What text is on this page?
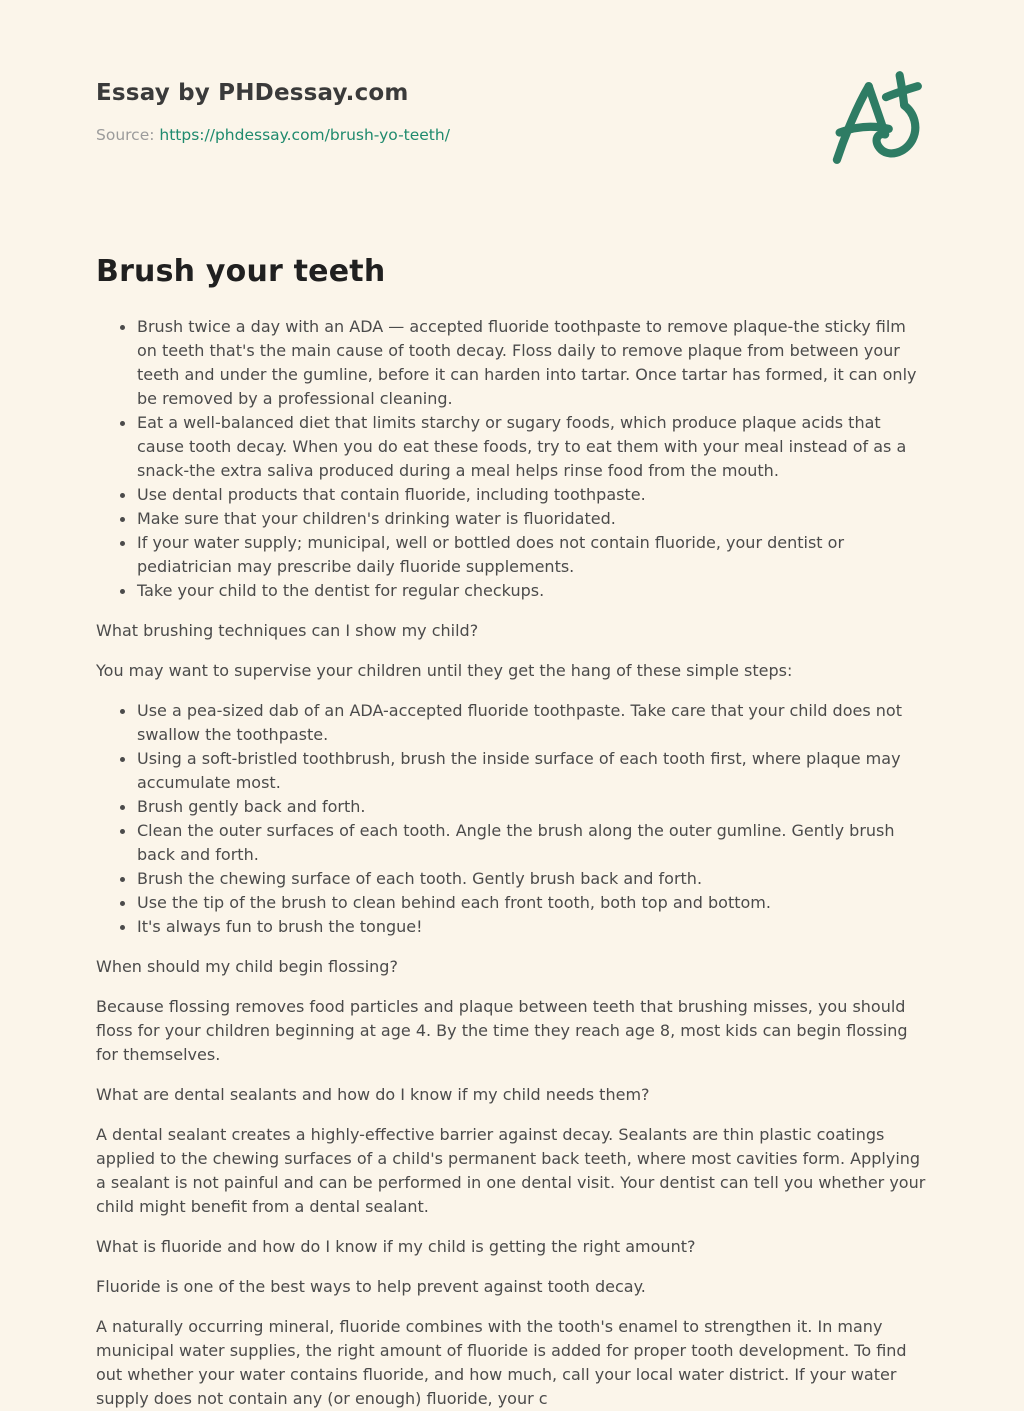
Essay by PHDessay.com
Source: https://phdessay.com/brush-yo-teeth/
Brush your teeth
Brush twice a day with an ADA — accepted fluoride toothpaste to remove plaque-the sticky film on teeth that's the main cause of tooth decay. Floss daily to remove plaque from between your teeth and under the gumline, before it can harden into tartar. Once tartar has formed, it can only be removed by a professional cleaning.
Eat a well-balanced diet that limits starchy or sugary foods, which produce plaque acids that cause tooth decay. When you do eat these foods, try to eat them with your meal instead of as a snack-the extra saliva produced during a meal helps rinse food from the mouth.
Use dental products that contain fluoride, including toothpaste.
Make sure that your children's drinking water is fluoridated.
If your water supply; municipal, well or bottled does not contain fluoride, your dentist or pediatrician may prescribe daily fluoride supplements.
Take your child to the dentist for regular checkups.

What brushing techniques can I show my child?

You may want to supervise your children until they get the hang of these simple steps:

Use a pea-sized dab of an ADA-accepted fluoride toothpaste. Take care that your child does not swallow the toothpaste.
Using a soft-bristled toothbrush, brush the inside surface of each tooth first, where plaque may accumulate most.
Brush gently back and forth.
Clean the outer surfaces of each tooth. Angle the brush along the outer gumline. Gently brush back and forth.
Brush the chewing surface of each tooth. Gently brush back and forth.
Use the tip of the brush to clean behind each front tooth, both top and bottom.
It's always fun to brush the tongue!

When should my child begin flossing?

Because flossing removes food particles and plaque between teeth that brushing misses, you should floss for your children beginning at age 4. By the time they reach age 8, most kids can begin flossing for themselves.

What are dental sealants and how do I know if my child needs them?

A dental sealant creates a highly-effective barrier against decay. Sealants are thin plastic coatings applied to the chewing surfaces of a child's permanent back teeth, where most cavities form. Applying a sealant is not painful and can be performed in one dental visit. Your dentist can tell you whether your child might benefit from a dental sealant.

What is fluoride and how do I know if my child is getting the right amount?

Fluoride is one of the best ways to help prevent against tooth decay.

A naturally occurring mineral, fluoride combines with the tooth's enamel to strengthen it. In many municipal water supplies, the right amount of fluoride is added for proper tooth development. To find out whether your water contains fluoride, and how much, call your local water district. If your water supply does not contain any (or enough) fluoride, your c
